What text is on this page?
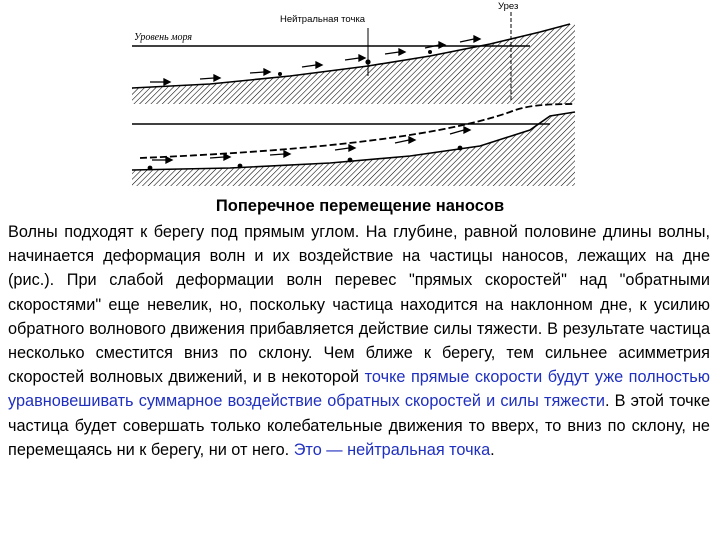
Уровень моря
Нейтральная точка
Урез
Поперечное перемещение наносов
Волны подходят к берегу под прямым углом. На глубине, равной половине длины волны, начинается деформация волн и их воздействие на частицы наносов, лежащих на дне (рис.). При слабой деформации волн перевес "прямых скоростей" над "обратными скоростями" еще невелик, но, поскольку частица находится на наклонном дне, к усилию обратного волнового движения прибавляется действие силы тяжести. В результате частица несколько сместится вниз по склону. Чем ближе к берегу, тем сильнее асимметрия скоростей волновых движений, и в некоторой точке прямые скорости будут уже полностью уравновешивать суммарное воздействие обратных скоростей и силы тяжести. В этой точке частица будет совершать только колебательные движения то вверх, то вниз по склону, не перемещаясь ни к берегу, ни от него. Это — нейтральная точка.
